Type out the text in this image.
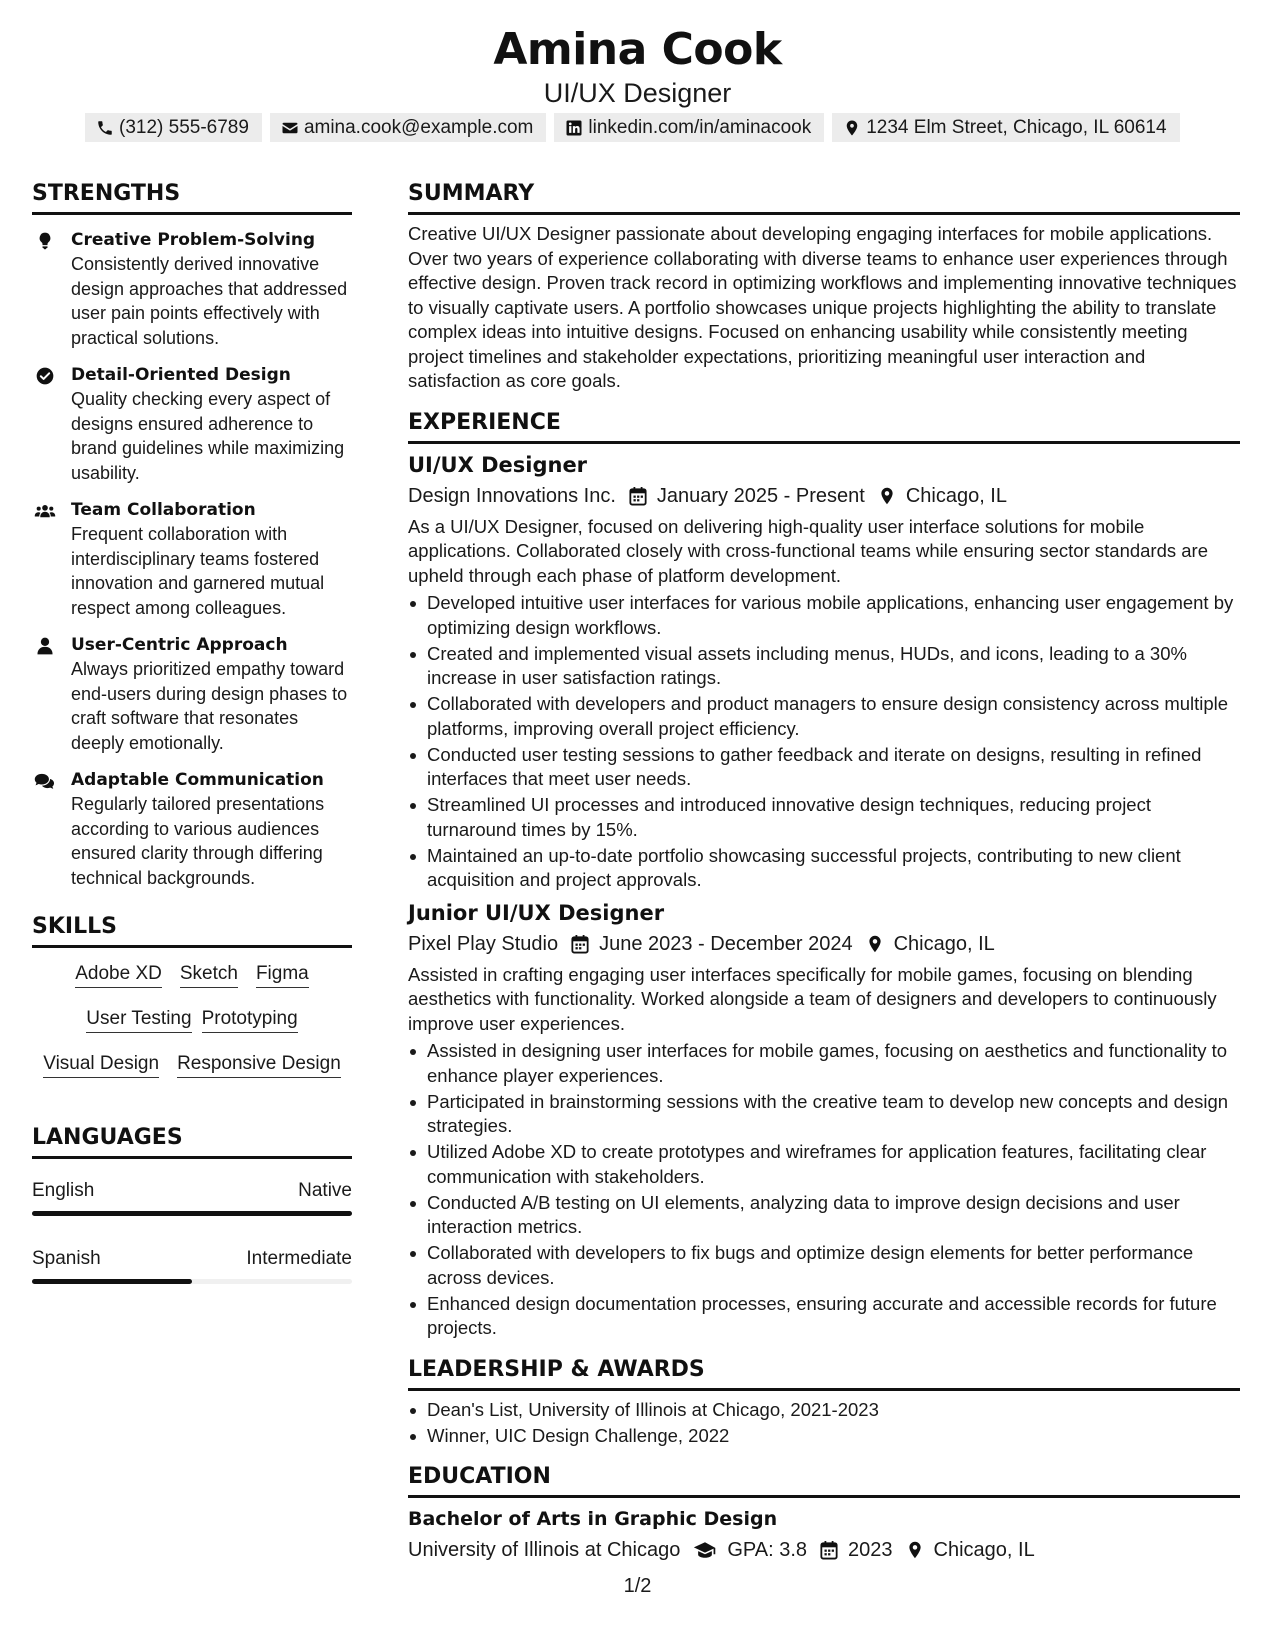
Amina Cook
UI/UX Designer
(312) 555-6789	amina.cook@example.com	linkedin.com/in/aminacook	1234 Elm Street, Chicago, IL 60614
STRENGTHS
Creative Problem-Solving
Consistently derived innovative design approaches that addressed user pain points effectively with practical solutions.
Detail-Oriented Design
Quality checking every aspect of designs ensured adherence to brand guidelines while maximizing usability.
Team Collaboration
Frequent collaboration with interdisciplinary teams fostered innovation and garnered mutual respect among colleagues.
User-Centric Approach
Always prioritized empathy toward end-users during design phases to craft software that resonates deeply emotionally.
Adaptable Communication
Regularly tailored presentations according to various audiences ensured clarity through differing technical backgrounds.
SKILLS
Adobe XD Sketch Figma
User Testing Prototyping
Visual Design Responsive Design
LANGUAGES
English	Native
Spanish	Intermediate
SUMMARY
Creative UI/UX Designer passionate about developing engaging interfaces for mobile applications. Over two years of experience collaborating with diverse teams to enhance user experiences through effective design. Proven track record in optimizing workflows and implementing innovative techniques to visually captivate users. A portfolio showcases unique projects highlighting the ability to translate complex ideas into intuitive designs. Focused on enhancing usability while consistently meeting project timelines and stakeholder expectations, prioritizing meaningful user interaction and satisfaction as core goals.
EXPERIENCE
UI/UX Designer
Design Innovations Inc. January 2025 - Present Chicago, IL
As a UI/UX Designer, focused on delivering high-quality user interface solutions for mobile applications. Collaborated closely with cross-functional teams while ensuring sector standards are upheld through each phase of platform development.
Developed intuitive user interfaces for various mobile applications, enhancing user engagement by optimizing design workflows.
Created and implemented visual assets including menus, HUDs, and icons, leading to a 30% increase in user satisfaction ratings.
Collaborated with developers and product managers to ensure design consistency across multiple platforms, improving overall project efficiency.
Conducted user testing sessions to gather feedback and iterate on designs, resulting in refined interfaces that meet user needs.
Streamlined UI processes and introduced innovative design techniques, reducing project turnaround times by 15%.
Maintained an up-to-date portfolio showcasing successful projects, contributing to new client acquisition and project approvals.
Junior UI/UX Designer
Pixel Play Studio June 2023 - December 2024 Chicago, IL
Assisted in crafting engaging user interfaces specifically for mobile games, focusing on blending aesthetics with functionality. Worked alongside a team of designers and developers to continuously improve user experiences.
Assisted in designing user interfaces for mobile games, focusing on aesthetics and functionality to enhance player experiences.
Participated in brainstorming sessions with the creative team to develop new concepts and design strategies.
Utilized Adobe XD to create prototypes and wireframes for application features, facilitating clear communication with stakeholders.
Conducted A/B testing on UI elements, analyzing data to improve design decisions and user interaction metrics.
Collaborated with developers to fix bugs and optimize design elements for better performance across devices.
Enhanced design documentation processes, ensuring accurate and accessible records for future projects.
LEADERSHIP & AWARDS
Dean's List, University of Illinois at Chicago, 2021-2023
Winner, UIC Design Challenge, 2022
EDUCATION
Bachelor of Arts in Graphic Design
University of Illinois at Chicago GPA: 3.8 2023 Chicago, IL
1/2
